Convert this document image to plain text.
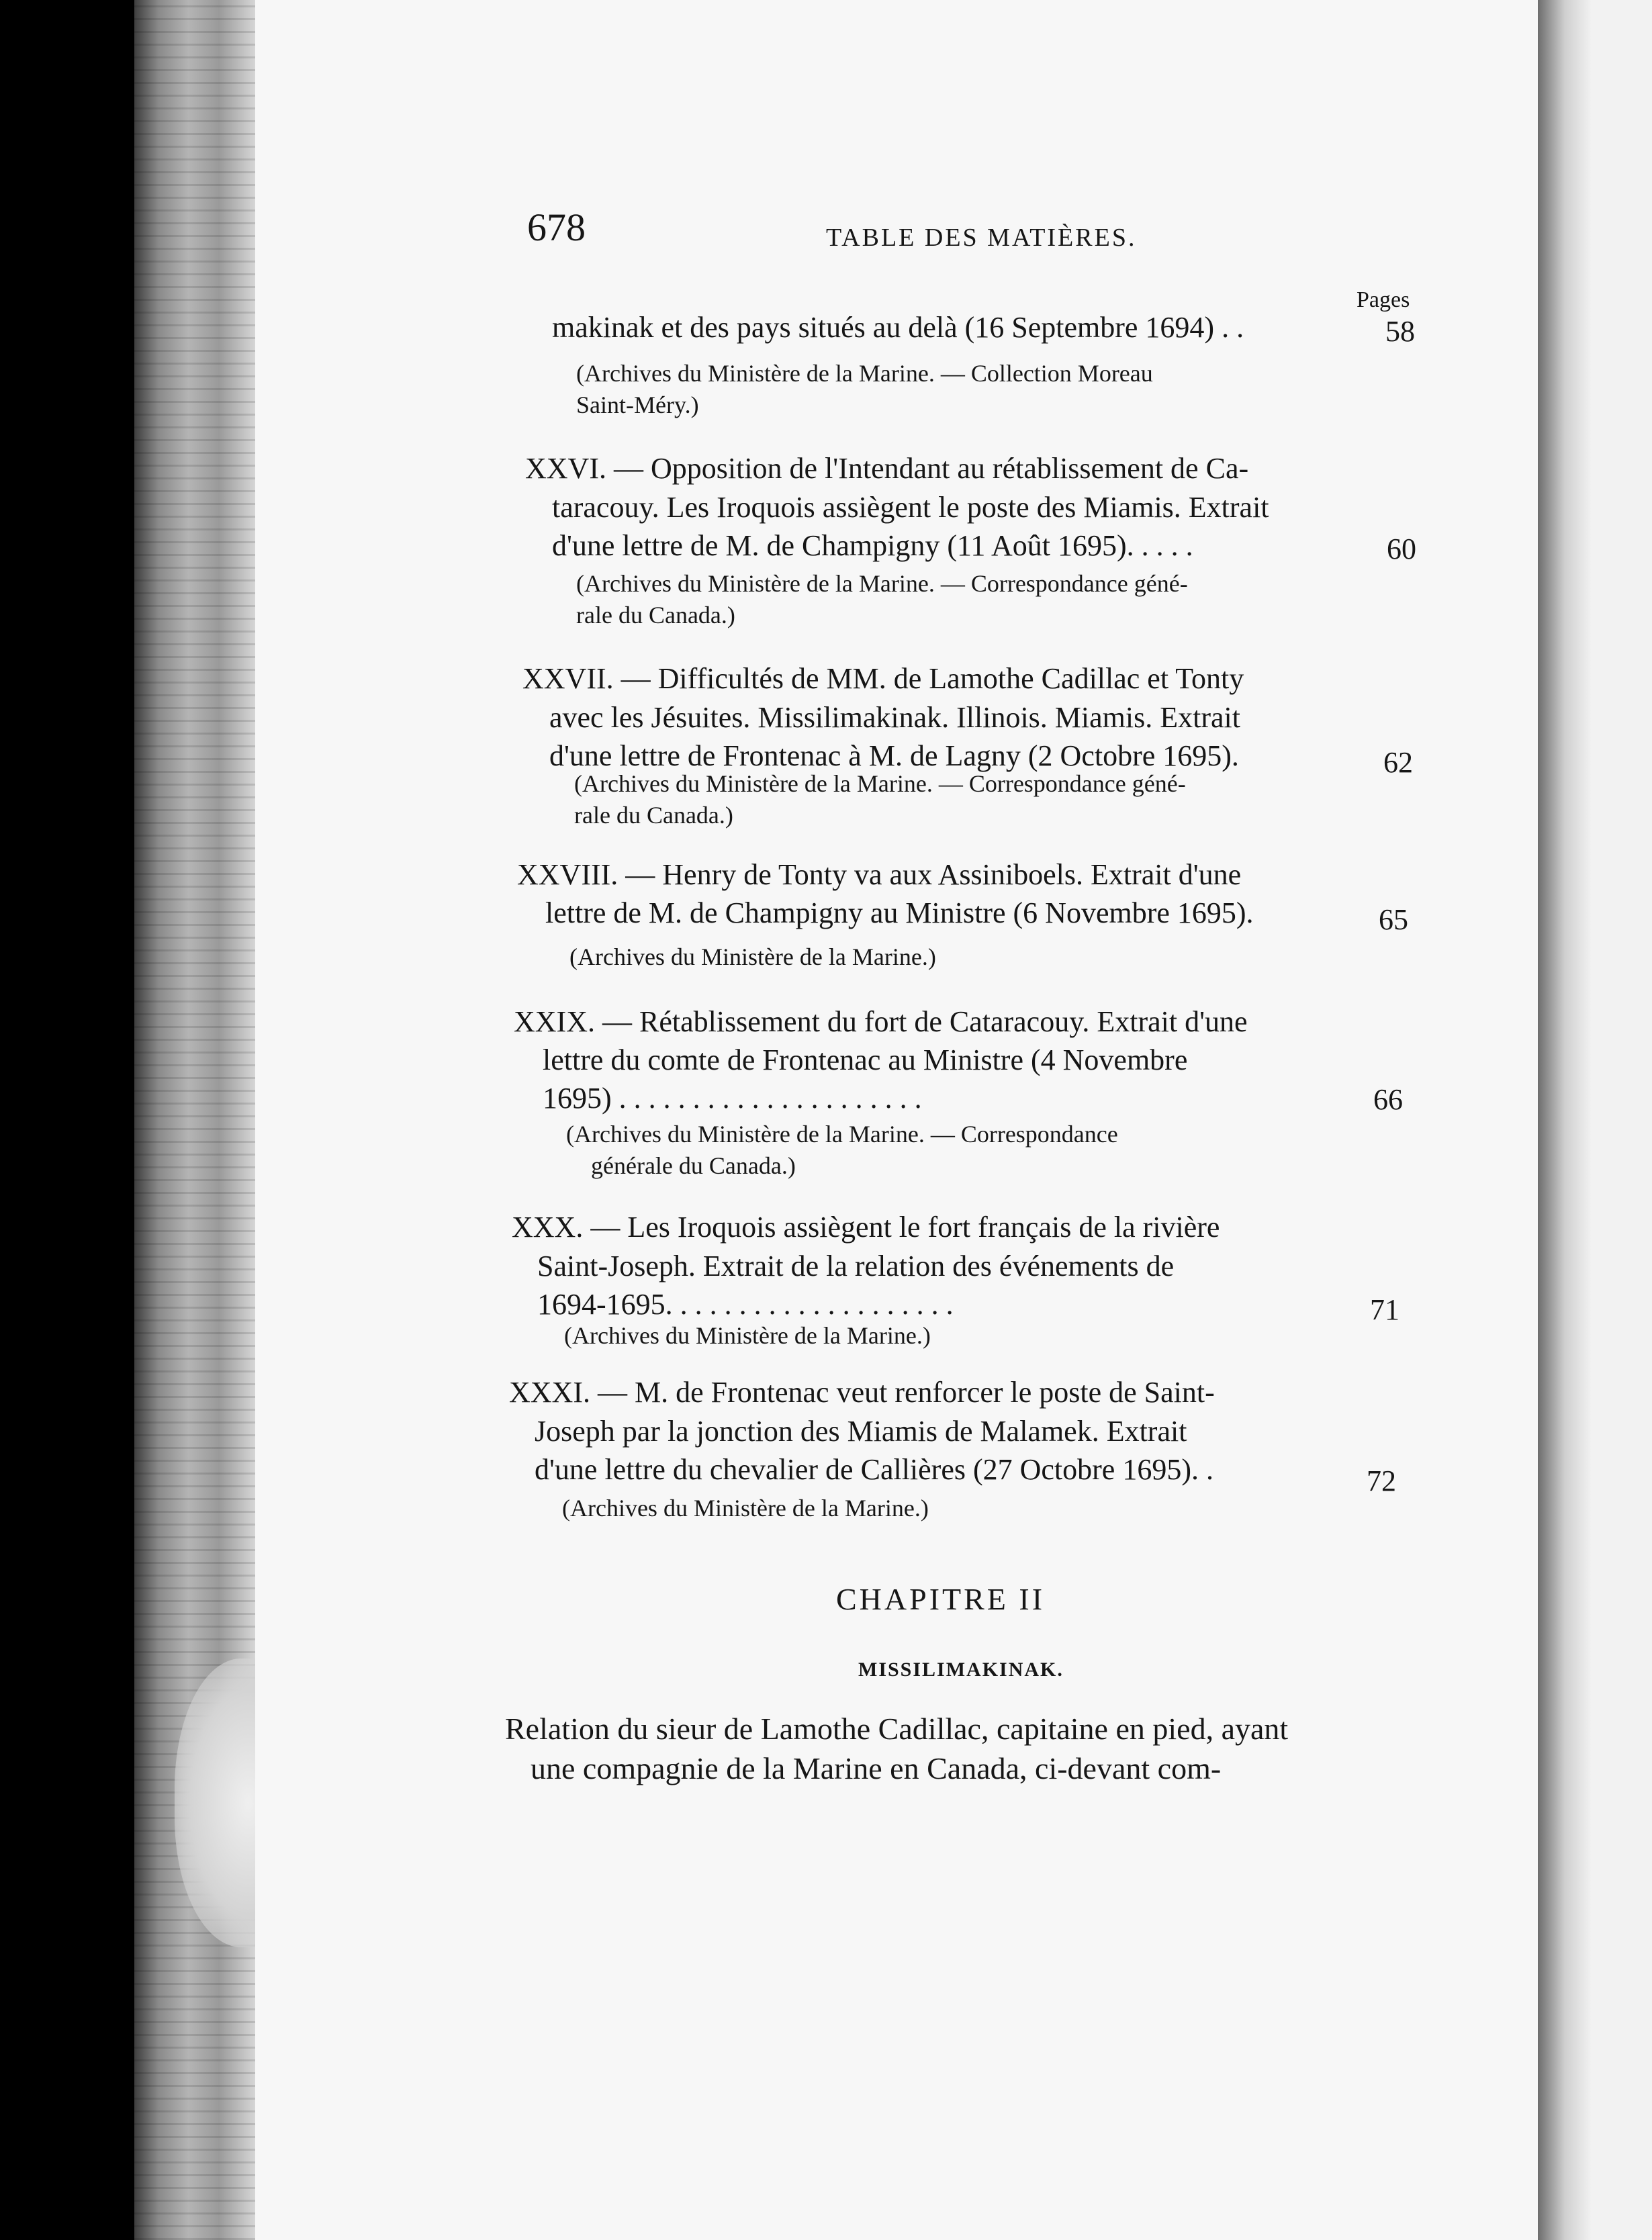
678	TABLE DES MATIÈRES.
Pages
makinak et des pays situés au delà (16 Septembre 1694) . .	58
(Archives du Ministère de la Marine. — Collection Moreau
Saint-Méry.)
XXVI. — Opposition de l'Intendant au rétablissement de Ca-
taracouy. Les Iroquois assiègent le poste des Miamis. Extrait
d'une lettre de M. de Champigny (11 Août 1695). . . . .	60
(Archives du Ministère de la Marine. — Correspondance géné-
rale du Canada.)
XXVII. — Difficultés de MM. de Lamothe Cadillac et Tonty
avec les Jésuites. Missilimakinak. Illinois. Miamis. Extrait
d'une lettre de Frontenac à M. de Lagny (2 Octobre 1695).	62
(Archives du Ministère de la Marine. — Correspondance géné-
rale du Canada.)
XXVIII. — Henry de Tonty va aux Assiniboels. Extrait d'une
lettre de M. de Champigny au Ministre (6 Novembre 1695).	65
(Archives du Ministère de la Marine.)
XXIX. — Rétablissement du fort de Cataracouy. Extrait d'une
lettre du comte de Frontenac au Ministre (4 Novembre
1695) . . . . . . . . . . . . . . . . . . . . .	66
(Archives du Ministère de la Marine. — Correspondance
générale du Canada.)
XXX. — Les Iroquois assiègent le fort français de la rivière
Saint-Joseph. Extrait de la relation des événements de
1694-1695. . . . . . . . . . . . . . . . . . . .	71
(Archives du Ministère de la Marine.)
XXXI. — M. de Frontenac veut renforcer le poste de Saint-
Joseph par la jonction des Miamis de Malamek. Extrait
d'une lettre du chevalier de Callières (27 Octobre 1695). .	72
(Archives du Ministère de la Marine.)
CHAPITRE II
MISSILIMAKINAK.
Relation du sieur de Lamothe Cadillac, capitaine en pied, ayant
une compagnie de la Marine en Canada, ci-devant com-
